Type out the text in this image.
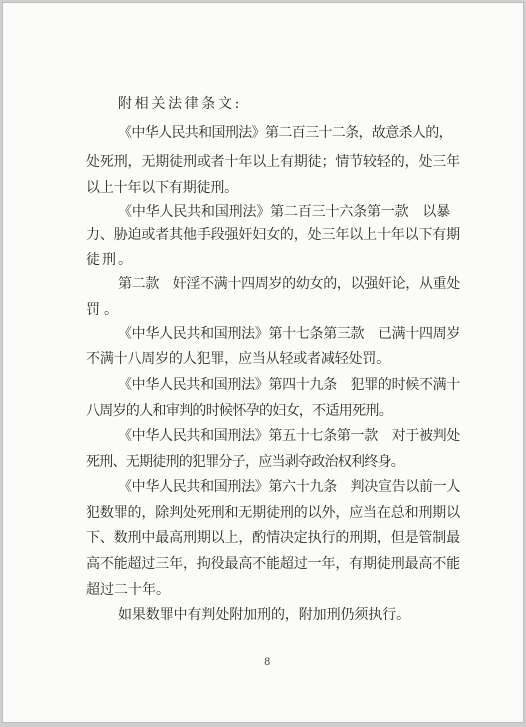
附相关法律条文:
《中华人民共和国刑法》第二百三十二条，故意杀人的，
处死刑，无期徒刑或者十年以上有期徒；情节较轻的，处三年
以上十年以下有期徒刑。
《中华人民共和国刑法》第二百三十六条第一款　以暴
力、胁迫或者其他手段强奸妇女的，处三年以上十年以下有期
徒刑。
第二款　奸淫不满十四周岁的幼女的，以强奸论，从重处
罚。
《中华人民共和国刑法》第十七条第三款　已满十四周岁
不满十八周岁的人犯罪，应当从轻或者减轻处罚。
《中华人民共和国刑法》第四十九条　犯罪的时候不满十
八周岁的人和审判的时候怀孕的妇女，不适用死刑。
《中华人民共和国刑法》第五十七条第一款　对于被判处
死刑、无期徒刑的犯罪分子，应当剥夺政治权利终身。
《中华人民共和国刑法》第六十九条　判决宣告以前一人
犯数罪的，除判处死刑和无期徒刑的以外，应当在总和刑期以
下、数刑中最高刑期以上，酌情决定执行的刑期，但是管制最
高不能超过三年，拘役最高不能超过一年，有期徒刑最高不能
超过二十年。
如果数罪中有判处附加刑的，附加刑仍须执行。
8
